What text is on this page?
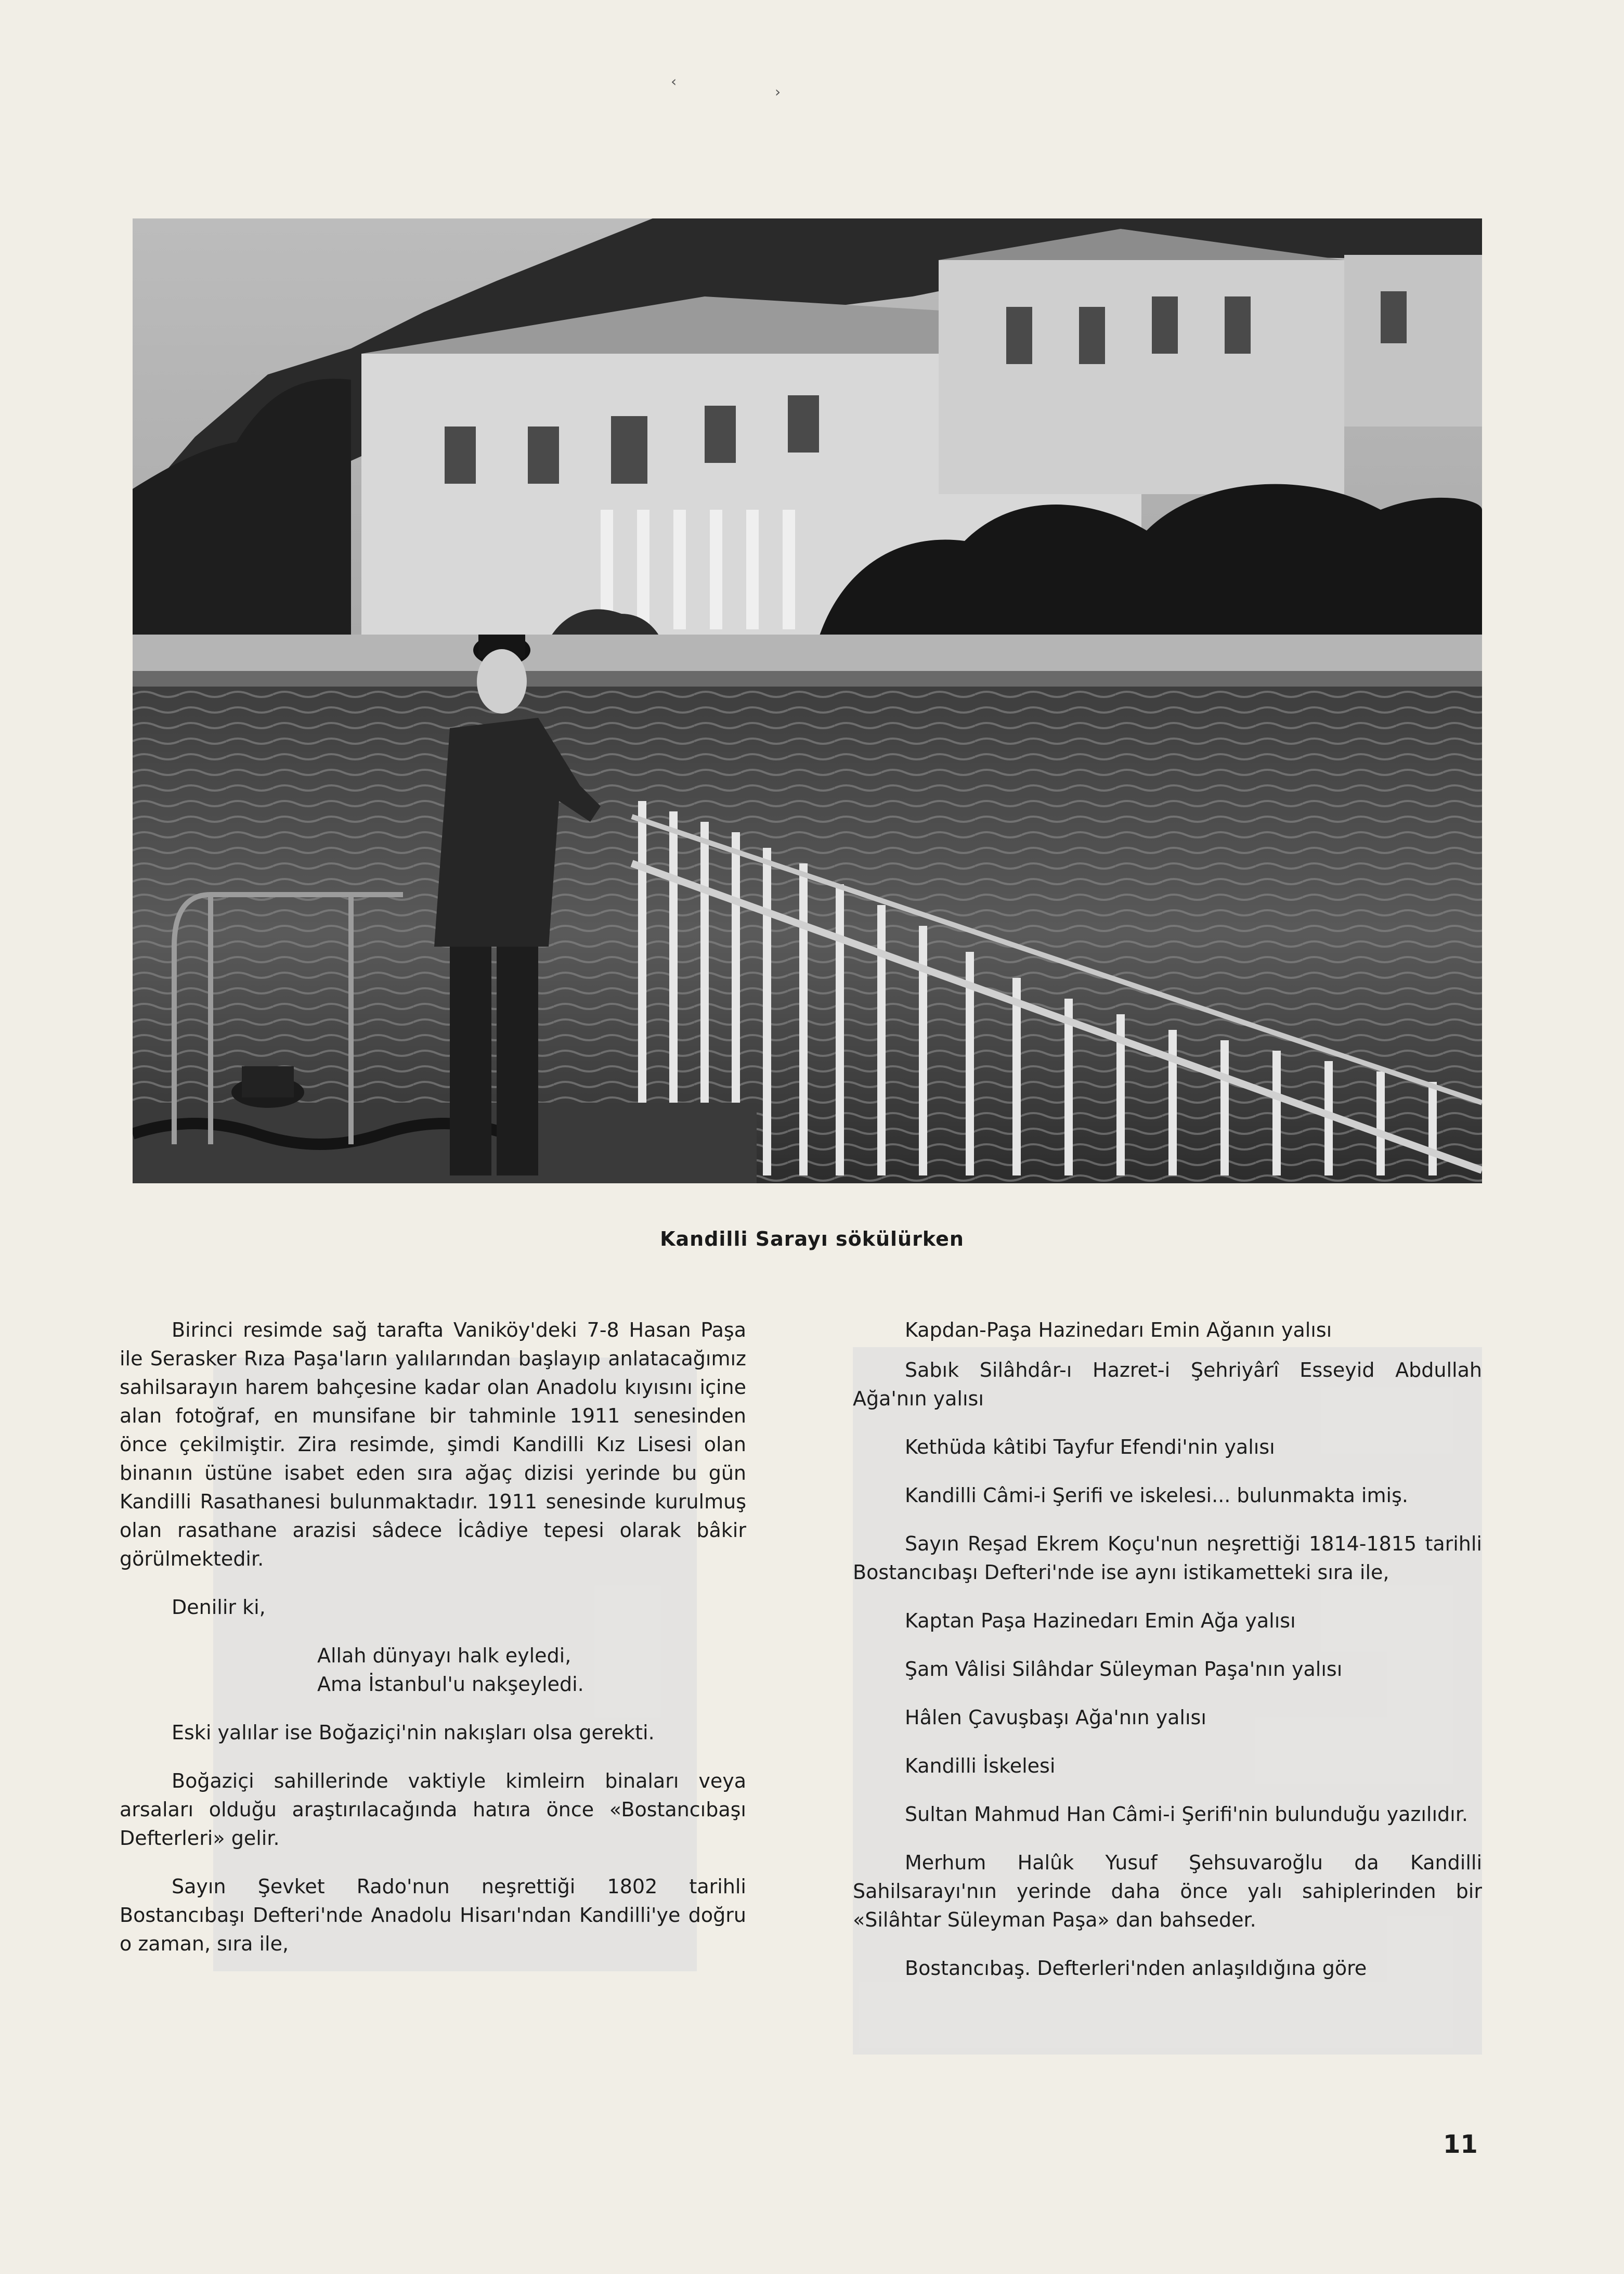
‹
›
Kandilli Sarayı sökülürken

Birinci resimde sağ tarafta Vaniköy'deki 7-8 Hasan Paşa ile Serasker Rıza Paşa'ların yalılarından başlayıp anlatacağımız sahilsarayın harem bahçesine kadar olan Anadolu kıyısını içine alan fotoğraf, en munsifane bir tahminle 1911 senesinden önce çekilmiştir. Zira resimde, şimdi Kandilli Kız Lisesi olan binanın üstüne isabet eden sıra ağaç dizisi yerinde bu gün Kandilli Rasathanesi bulunmaktadır. 1911 senesinde kurulmuş olan rasathane arazisi sâdece İcâdiye tepesi olarak bâkir görülmektedir.

Denilir ki,

Allah dünyayı halk eyledi,
Ama İstanbul'u nakşeyledi.

Eski yalılar ise Boğaziçi'nin nakışları olsa gerekti.

Boğaziçi sahillerinde vaktiyle kimleirn binaları veya arsaları olduğu araştırılacağında hatıra önce «Bostancıbaşı Defterleri» gelir.

Sayın Şevket Rado'nun neşrettiği 1802 tarihli Bostancıbaşı Defteri'nde Anadolu Hisarı'ndan Kandilli'ye doğru o zaman, sıra ile,

Kapdan-Paşa Hazinedarı Emin Ağanın yalısı

Sabık Silâhdâr-ı Hazret-i Şehriyârî Esseyid Abdullah Ağa'nın yalısı

Kethüda kâtibi Tayfur Efendi'nin yalısı

Kandilli Câmi-i Şerifi ve iskelesi... bulunmakta imiş.

Sayın Reşad Ekrem Koçu'nun neşrettiği 1814-1815 tarihli Bostancıbaşı Defteri'nde ise aynı istikametteki sıra ile,

Kaptan Paşa Hazinedarı Emin Ağa yalısı

Şam Vâlisi Silâhdar Süleyman Paşa'nın yalısı

Hâlen Çavuşbaşı Ağa'nın yalısı

Kandilli İskelesi

Sultan Mahmud Han Câmi-i Şerifi'nin bulunduğu yazılıdır.

Merhum Halûk Yusuf Şehsuvaroğlu da Kandilli Sahilsarayı'nın yerinde daha önce yalı sahiplerinden bir «Silâhtar Süleyman Paşa» dan bahseder.

Bostancıbaş. Defterleri'nden anlaşıldığına göre

11
